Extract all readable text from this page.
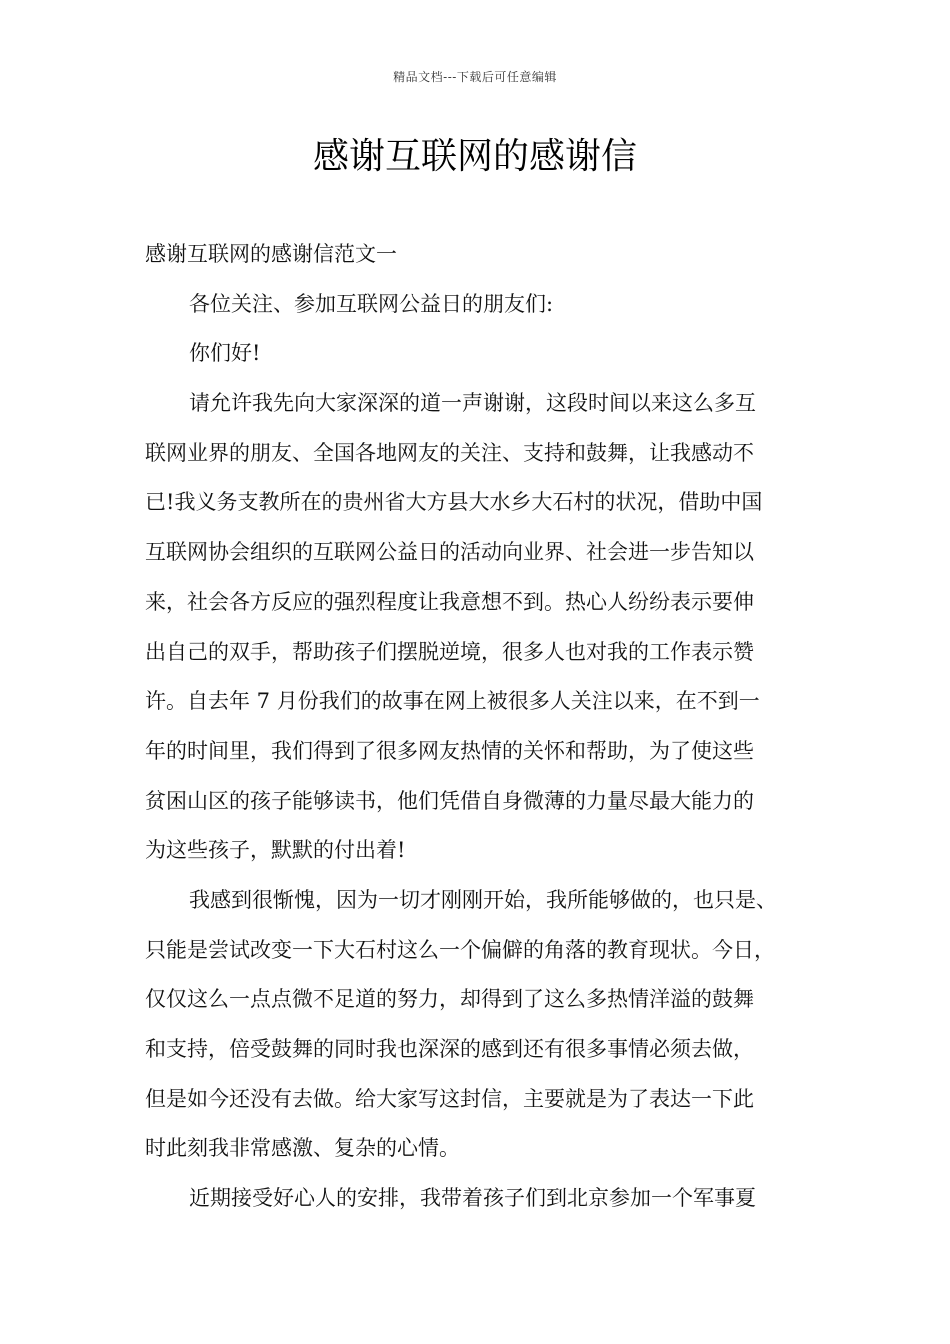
精品文档---下载后可任意编辑
感谢互联网的感谢信
感谢互联网的感谢信范文一
各位关注、参加互联网公益日的朋友们:
你们好!
请允许我先向大家深深的道一声谢谢，这段时间以来这么多互
联网业界的朋友、全国各地网友的关注、支持和鼓舞，让我感动不
已!我义务支教所在的贵州省大方县大水乡大石村的状况，借助中国
互联网协会组织的互联网公益日的活动向业界、社会进一步告知以
来，社会各方反应的强烈程度让我意想不到。热心人纷纷表示要伸
出自己的双手，帮助孩子们摆脱逆境，很多人也对我的工作表示赞
许。自去年 7 月份我们的故事在网上被很多人关注以来，在不到一
年的时间里，我们得到了很多网友热情的关怀和帮助，为了使这些
贫困山区的孩子能够读书，他们凭借自身微薄的力量尽最大能力的
为这些孩子，默默的付出着!
我感到很惭愧，因为一切才刚刚开始，我所能够做的，也只是、
只能是尝试改变一下大石村这么一个偏僻的角落的教育现状。今日，
仅仅这么一点点微不足道的努力，却得到了这么多热情洋溢的鼓舞
和支持，倍受鼓舞的同时我也深深的感到还有很多事情必须去做，
但是如今还没有去做。给大家写这封信，主要就是为了表达一下此
时此刻我非常感激、复杂的心情。
近期接受好心人的安排，我带着孩子们到北京参加一个军事夏
